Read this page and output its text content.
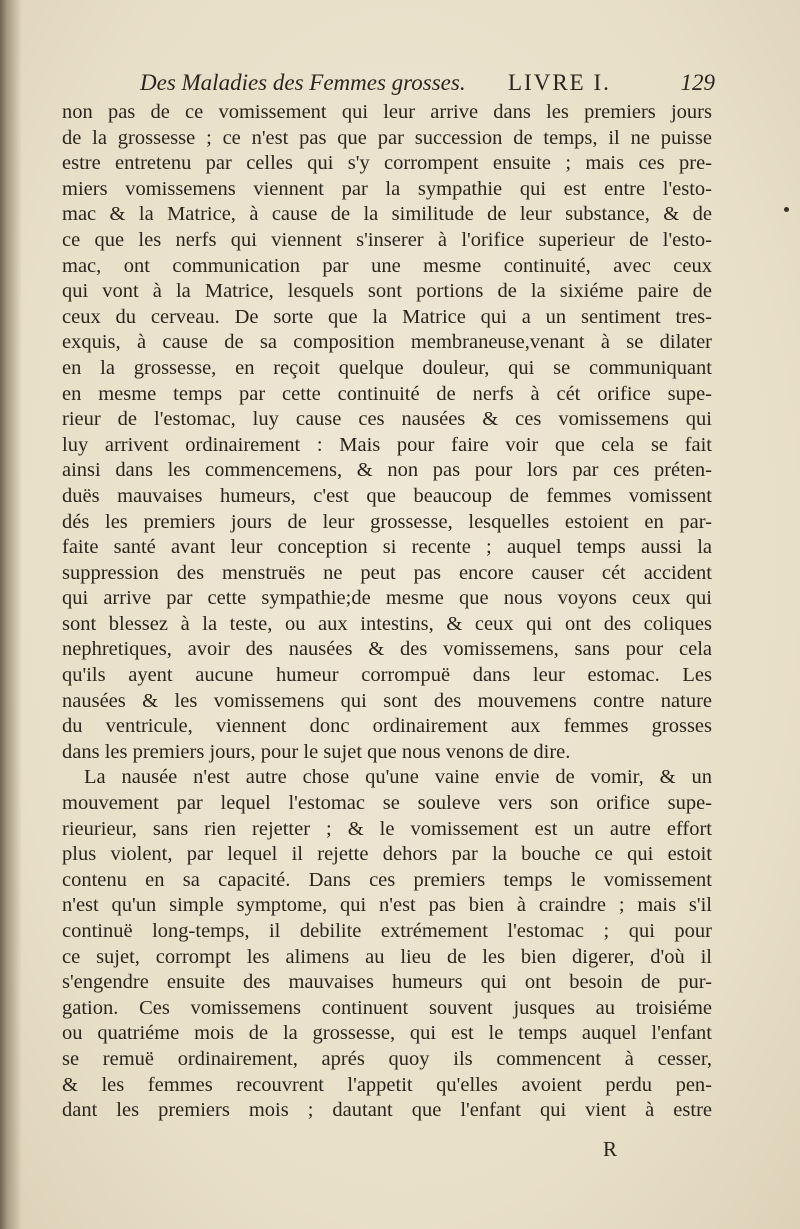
Des Maladies des Femmes grosses. LIVRE I.	129
non pas de ce vomissement qui leur arrive dans les premiers jours
de la grossesse ; ce n'est pas que par succession de temps, il ne puisse
estre entretenu par celles qui s'y corrompent ensuite ; mais ces pre-
miers vomissemens viennent par la sympathie qui est entre l'esto-
mac & la Matrice, à cause de la similitude de leur substance, & de
ce que les nerfs qui viennent s'inserer à l'orifice superieur de l'esto-
mac, ont communication par une mesme continuité, avec ceux
qui vont à la Matrice, lesquels sont portions de la sixiéme paire de
ceux du cerveau. De sorte que la Matrice qui a un sentiment tres-
exquis, à cause de sa composition membraneuse,venant à se dilater
en la grossesse, en reçoit quelque douleur, qui se communiquant
en mesme temps par cette continuité de nerfs à cét orifice supe-
rieur de l'estomac, luy cause ces nausées & ces vomissemens qui
luy arrivent ordinairement : Mais pour faire voir que cela se fait
ainsi dans les commencemens, & non pas pour lors par ces préten-
duës mauvaises humeurs, c'est que beaucoup de femmes vomissent
dés les premiers jours de leur grossesse, lesquelles estoient en par-
faite santé avant leur conception si recente ; auquel temps aussi la
suppression des menstruës ne peut pas encore causer cét accident
qui arrive par cette sympathie;de mesme que nous voyons ceux qui
sont blessez à la teste, ou aux intestins, & ceux qui ont des coliques
nephretiques, avoir des nausées & des vomissemens, sans pour cela
qu'ils ayent aucune humeur corrompuë dans leur estomac. Les
nausées & les vomissemens qui sont des mouvemens contre nature
du ventricule, viennent donc ordinairement aux femmes grosses
dans les premiers jours, pour le sujet que nous venons de dire.
La nausée n'est autre chose qu'une vaine envie de vomir, & un
mouvement par lequel l'estomac se souleve vers son orifice supe-
rieurieur, sans rien rejetter ; & le vomissement est un autre effort
plus violent, par lequel il rejette dehors par la bouche ce qui estoit
contenu en sa capacité. Dans ces premiers temps le vomissement
n'est qu'un simple symptome, qui n'est pas bien à craindre ; mais s'il
continuë long-temps, il debilite extrémement l'estomac ; qui pour
ce sujet, corrompt les alimens au lieu de les bien digerer, d'où il
s'engendre ensuite des mauvaises humeurs qui ont besoin de pur-
gation. Ces vomissemens continuent souvent jusques au troisiéme
ou quatriéme mois de la grossesse, qui est le temps auquel l'enfant
se remuë ordinairement, aprés quoy ils commencent à cesser,
& les femmes recouvrent l'appetit qu'elles avoient perdu pen-
dant les premiers mois ; dautant que l'enfant qui vient à estre
R
